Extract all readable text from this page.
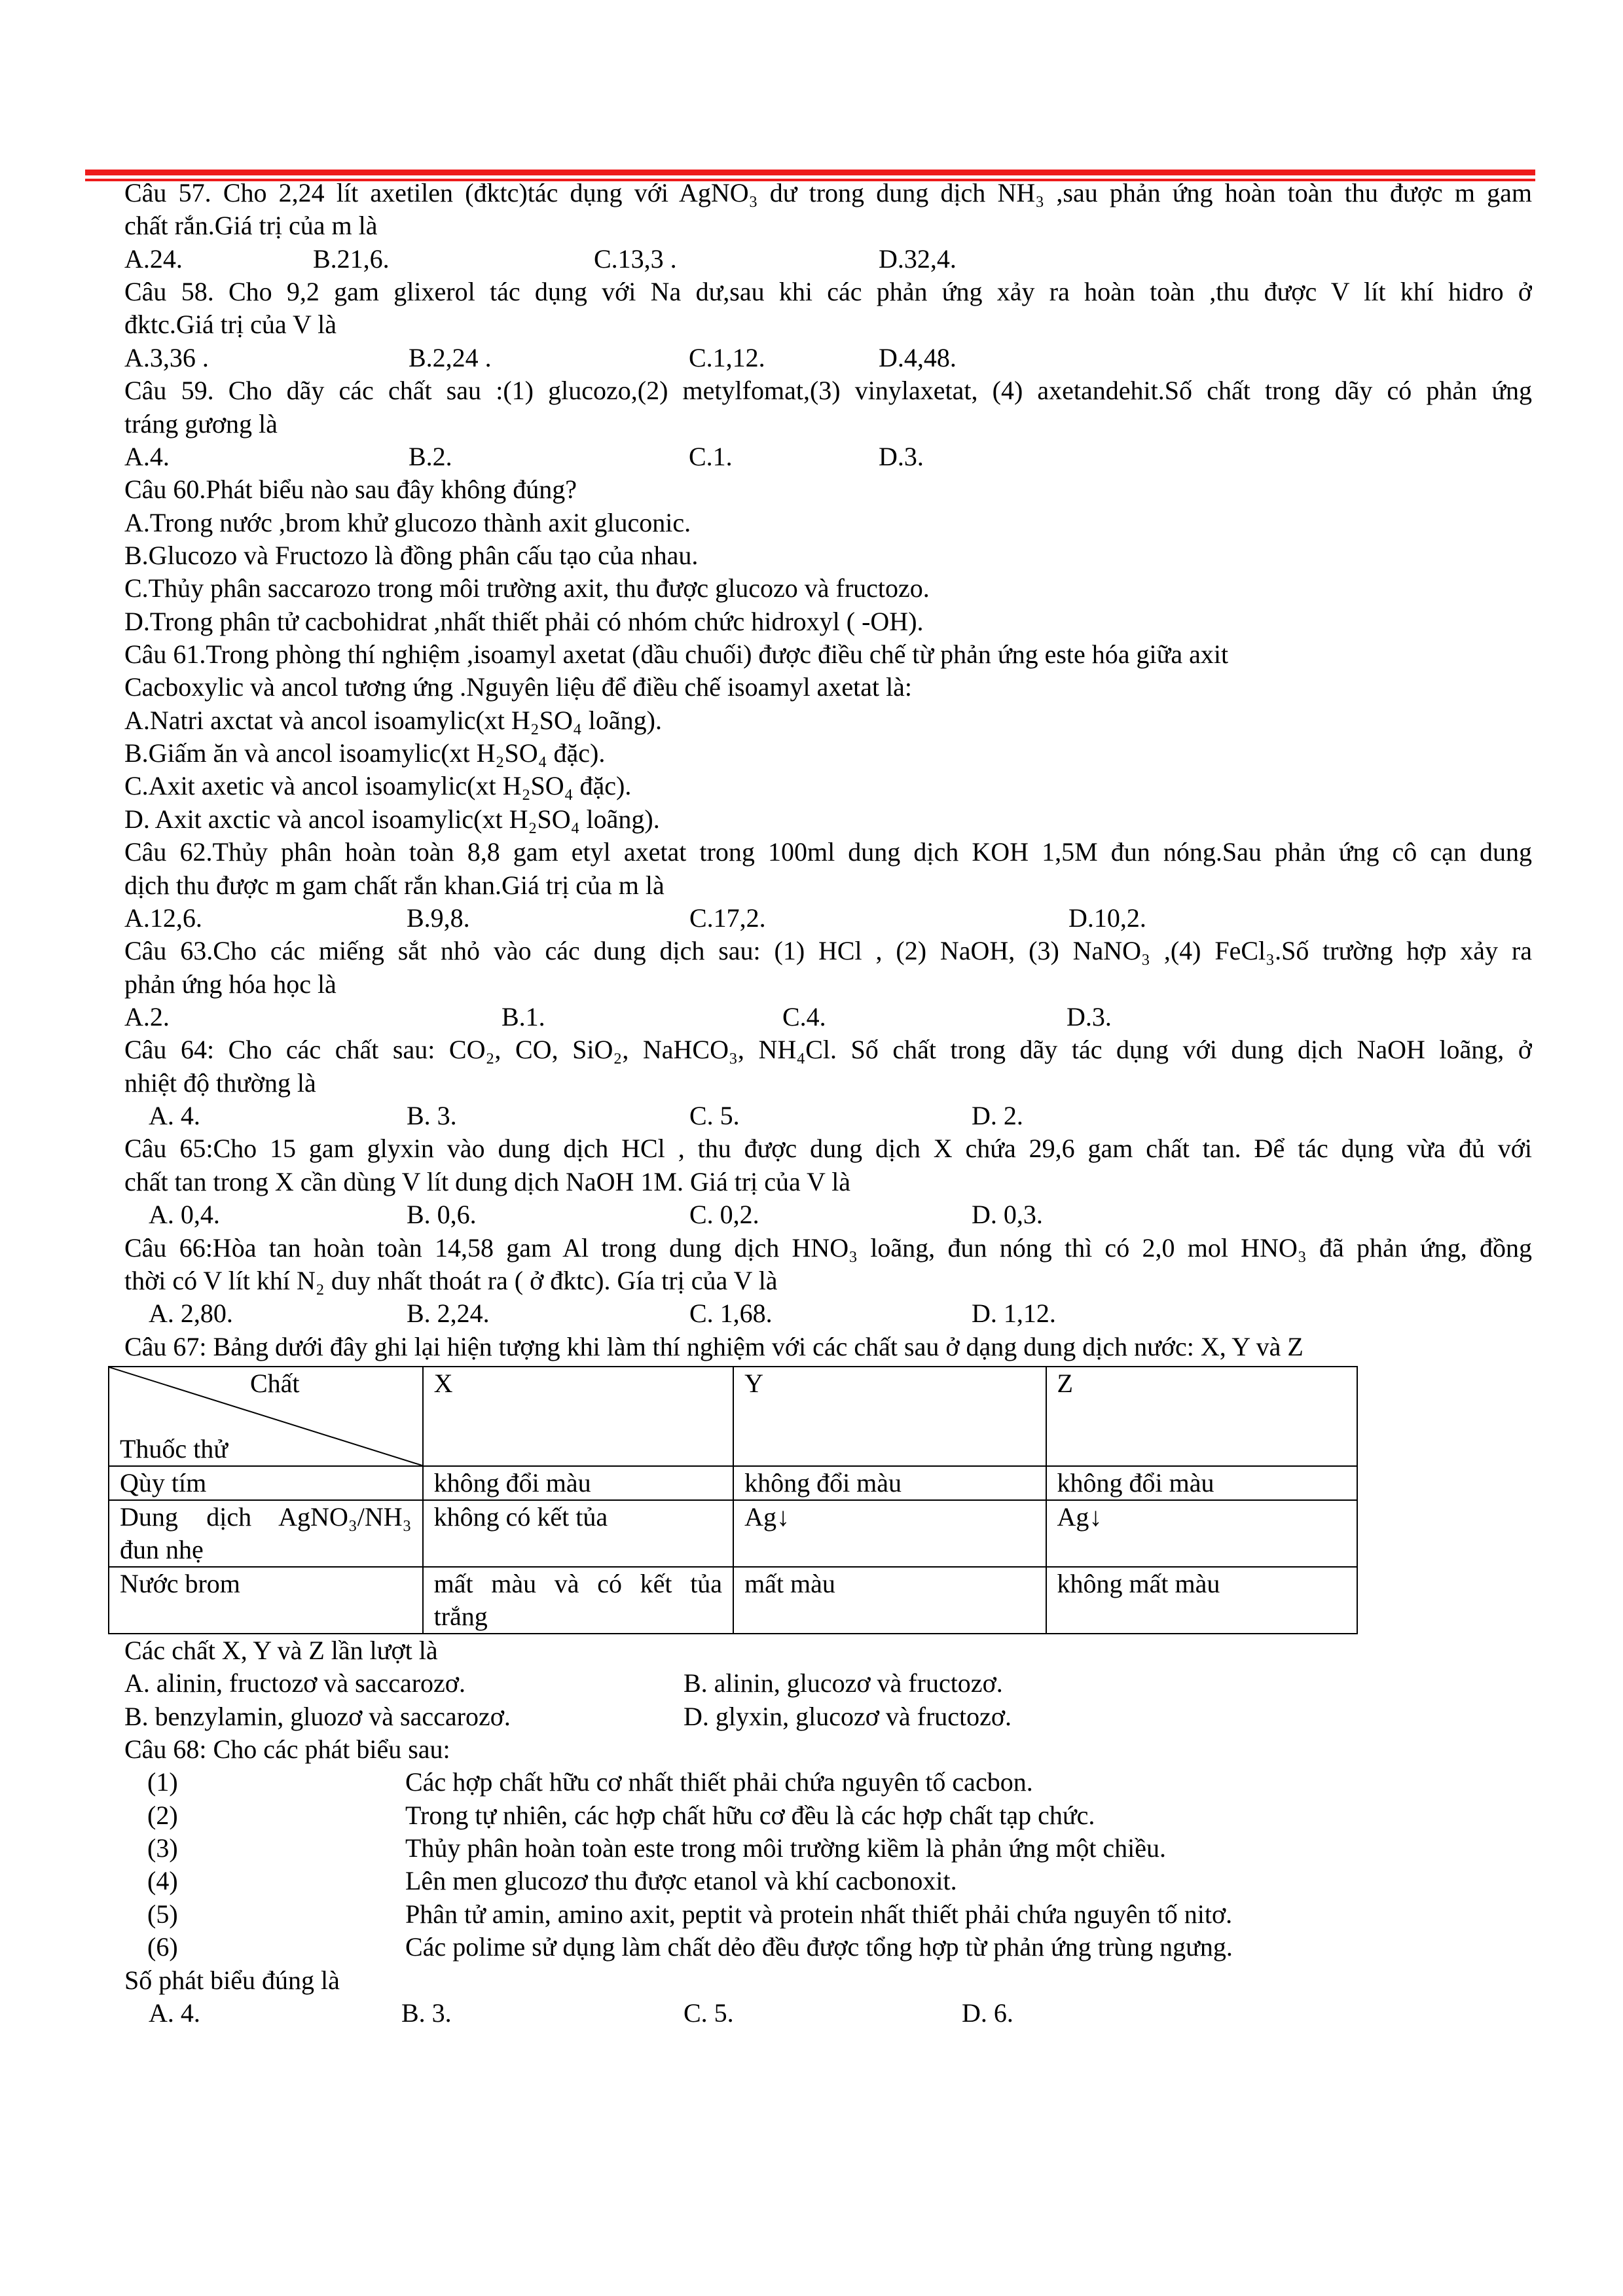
Câu 57. Cho 2,24 lít axetilen (đktc)tác dụng với AgNO₃ dư trong dung dịch NH₃ ,sau phản ứng hoàn toàn thu được m gam
chất rắn.Giá trị của m là
A.24.	B.21,6.	C.13,3 .	D.32,4.
Câu 58. Cho 9,2 gam glixerol tác dụng với Na dư,sau khi các phản ứng xảy ra hoàn toàn ,thu được V lít khí hidro ở
đktc.Giá trị của V là
A.3,36 .	B.2,24 .	C.1,12.	D.4,48.
Câu 59. Cho dãy các chất sau :(1) glucozo,(2) metylfomat,(3) vinylaxetat, (4) axetandehit.Số chất trong dãy có phản ứng
tráng gương là
A.4.	B.2.	C.1.	D.3.
Câu 60.Phát biểu nào sau đây không đúng?
A.Trong nước ,brom khử glucozo thành axit gluconic.
B.Glucozo và Fructozo là đồng phân cấu tạo của nhau.
C.Thủy phân saccarozo trong môi trường axit, thu được glucozo và fructozo.
D.Trong phân tử cacbohidrat ,nhất thiết phải có nhóm chức hidroxyl ( -OH).
Câu 61.Trong phòng thí nghiệm ,isoamyl axetat (dầu chuối) được điều chế từ phản ứng este hóa giữa axit
Cacboxylic và ancol tương ứng .Nguyên liệu để điều chế isoamyl axetat là:
A.Natri axctat và ancol isoamylic(xt H₂SO₄ loãng).
B.Giấm ăn và ancol isoamylic(xt H₂SO₄ đặc).
C.Axit axetic và ancol isoamylic(xt H₂SO₄ đặc).
D. Axit axctic và ancol isoamylic(xt H₂SO₄ loãng).
Câu 62.Thủy phân hoàn toàn 8,8 gam etyl axetat trong 100ml dung dịch KOH 1,5M đun nóng.Sau phản ứng cô cạn dung
dịch thu được m gam chất rắn khan.Giá trị của m là
A.12,6.	B.9,8.	C.17,2.	D.10,2.
Câu 63.Cho các miếng sắt nhỏ vào các dung dịch sau: (1) HCl , (2) NaOH, (3) NaNO₃ ,(4) FeCl₃.Số trường hợp xảy ra
phản ứng hóa học là
A.2.	B.1.	C.4.	D.3.
Câu 64: Cho các chất sau: CO₂, CO, SiO₂, NaHCO₃, NH₄Cl. Số chất trong dãy tác dụng với dung dịch NaOH loãng, ở
nhiệt độ thường là
A. 4.	B. 3.	C. 5.	D. 2.
Câu 65:Cho 15 gam glyxin vào dung dịch HCl , thu được dung dịch X chứa 29,6 gam chất tan. Để tác dụng vừa đủ với
chất tan trong X cần dùng V lít dung dịch NaOH 1M. Giá trị của V là
A. 0,4.	B. 0,6.	C. 0,2.	D. 0,3.
Câu 66:Hòa tan hoàn toàn 14,58 gam Al trong dung dịch HNO₃ loãng, đun nóng thì có 2,0 mol HNO₃ đã phản ứng, đồng
thời có V lít khí N₂ duy nhất thoát ra ( ở đktc). Gía trị của V là
A. 2,80.	B. 2,24.	C. 1,68.	D. 1,12.
Câu 67: Bảng dưới đây ghi lại hiện tượng khi làm thí nghiệm với các chất sau ở dạng dung dịch nước: X, Y và Z
Chất
Thuốc thử	X	Y	Z
Qùy tím	không đổi màu	không đổi màu	không đổi màu
Dung dịch AgNO₃/NH₃ đun nhẹ	không có kết tủa	Ag↓	Ag↓
Nước brom	mất màu và có kết tủa trắng	mất màu	không mất màu
Các chất X, Y và Z lần lượt là
A. alinin, fructozơ và saccarozơ.	B. alinin, glucozơ và fructozơ.
B. benzylamin, gluozơ và saccarozơ.	D. glyxin, glucozơ và fructozơ.
Câu 68: Cho các phát biểu sau:
(1)	Các hợp chất hữu cơ nhất thiết phải chứa nguyên tố cacbon.
(2)	Trong tự nhiên, các hợp chất hữu cơ đều là các hợp chất tạp chức.
(3)	Thủy phân hoàn toàn este trong môi trường kiềm là phản ứng một chiều.
(4)	Lên men glucozơ thu được etanol và khí cacbonoxit.
(5)	Phân tử amin, amino axit, peptit và protein nhất thiết phải chứa nguyên tố nitơ.
(6)	Các polime sử dụng làm chất dẻo đều được tổng hợp từ phản ứng trùng ngưng.
Số phát biểu đúng là
A. 4.	B. 3.	C. 5.	D. 6.
